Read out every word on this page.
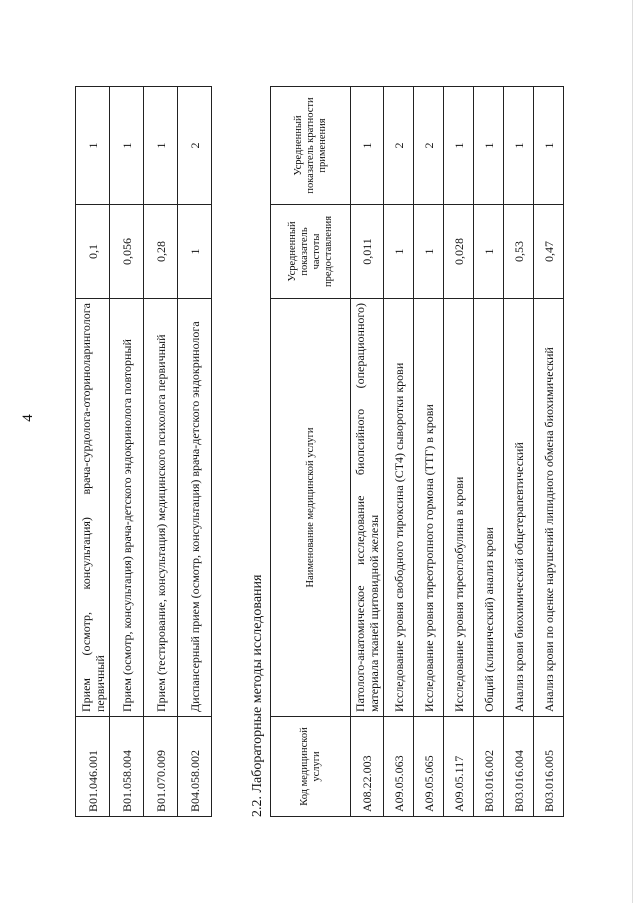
4
B01.046.001	Прием (осмотр, консультация) врача-сурдолога-оториноларинголога первичный	0,1	1
B01.058.004	Прием (осмотр, консультация) врача-детского эндокринолога повторный	0,056	1
B01.070.009	Прием (тестирование, консультация) медицинского психолога первичный	0,28	1
B04.058.002	Диспансерный прием (осмотр, консультация) врача-детского эндокринолога	1	2
2.2. Лабораторные методы исследования	Код медицинской услуги	Наименование медицинской услуги	Усредненный показатель частоты предоставления	Усредненный показатель кратности применения
A08.22.003	Патолого-анатомическое исследование биопсийного (операционного) материала тканей щитовидной железы	0,011	1
A09.05.063	Исследование уровня свободного тироксина (СТ4) сыворотки крови	1	2
A09.05.065	Исследование уровня тиреотропного гормона (ТТГ) в крови	1	2
A09.05.117	Исследование уровня тиреоглобулина в крови	0,028	1
B03.016.002	Общий (клинический) анализ крови	1	1
B03.016.004	Анализ крови биохимический общетерапевтический	0,53	1
B03.016.005	Анализ крови по оценке нарушений липидного обмена биохимический	0,47	1
